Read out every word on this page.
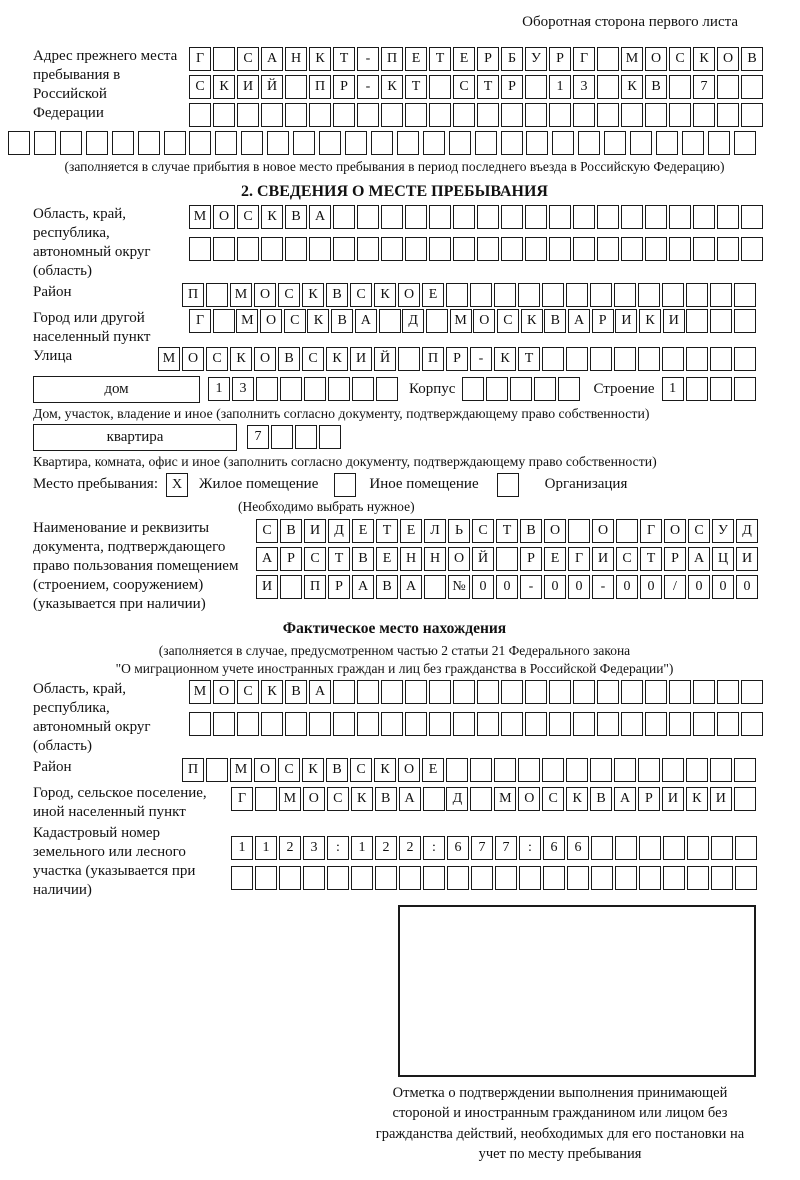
Оборотная сторона первого листа
Адрес прежнего места пребывания в Российской Федерации
Г	С	А Н	К	Т	-	П	Е	Т	Е	Р	Б	У	Р	Г	М О	С	К	О	В
С	К	И Й	П	Р	-	К	Т	С	Т	Р	1	3	К	В	7
(заполняется в случае прибытия в новое место пребывания в период последнего въезда в Российскую Федерацию)
2. СВЕДЕНИЯ О МЕСТЕ ПРЕБЫВАНИЯ
Область, край, республика, автономный округ (область)
М О	С	К	В	А
Район	П	М О	С	К	В	С	К	О	Е
Город или другой населенный пункт
Г	М О С	К	В А	Д	М О С	К	В А	Р	И К И
Улица	М О	С	К	О	В	С	К	И Й	П	Р	-	К	Т
дом	1	3	Корпус	Строение	1
Дом, участок, владение и иное (заполнить согласно документу, подтверждающему право собственности)
квартира	7
Квартира, комната, офис и иное (заполнить согласно документу, подтверждающему право собственности)
Место пребывания: X	Жилое помещение	Иное помещение	Организация
(Необходимо выбрать нужное)
Наименование и реквизиты документа, подтверждающего право пользования помещением (строением, сооружением) (указывается при наличии)
С	В	И	Д	Е	Т	Е	Л	Ь	С	Т	В	О	О	Г	О	С	У	Д
А	Р	С	Т	В	Е	Н Н О Й	Р	Е	Г	И	С	Т	Р	А Ц И
И	П	Р	А	В	А	№ 0	0	-	0	0	-	0	0	/	0	0	0
Фактическое место нахождения
(заполняется в случае, предусмотренном частью 2 статьи 21 Федерального закона
"О миграционном учете иностранных граждан и лиц без гражданства в Российской Федерации")
Область, край, республика, автономный округ (область)
М О	С	К	В	А
Район	П	М О	С	К	В	С	К	О	Е
Город, сельское поселение, иной населенный пункт
Г	М О	С	К	В	А	Д	М О	С	К	В	А	Р	И	К	И
Кадастровый номер земельного или лесного участка (указывается при наличии)
1	1	2	3	:	1	2	2	:	6	7	7	:	6	6
Отметка о подтверждении выполнения принимающей стороной и иностранным гражданином или лицом без гражданства действий, необходимых для его постановки на учет по месту пребывания
